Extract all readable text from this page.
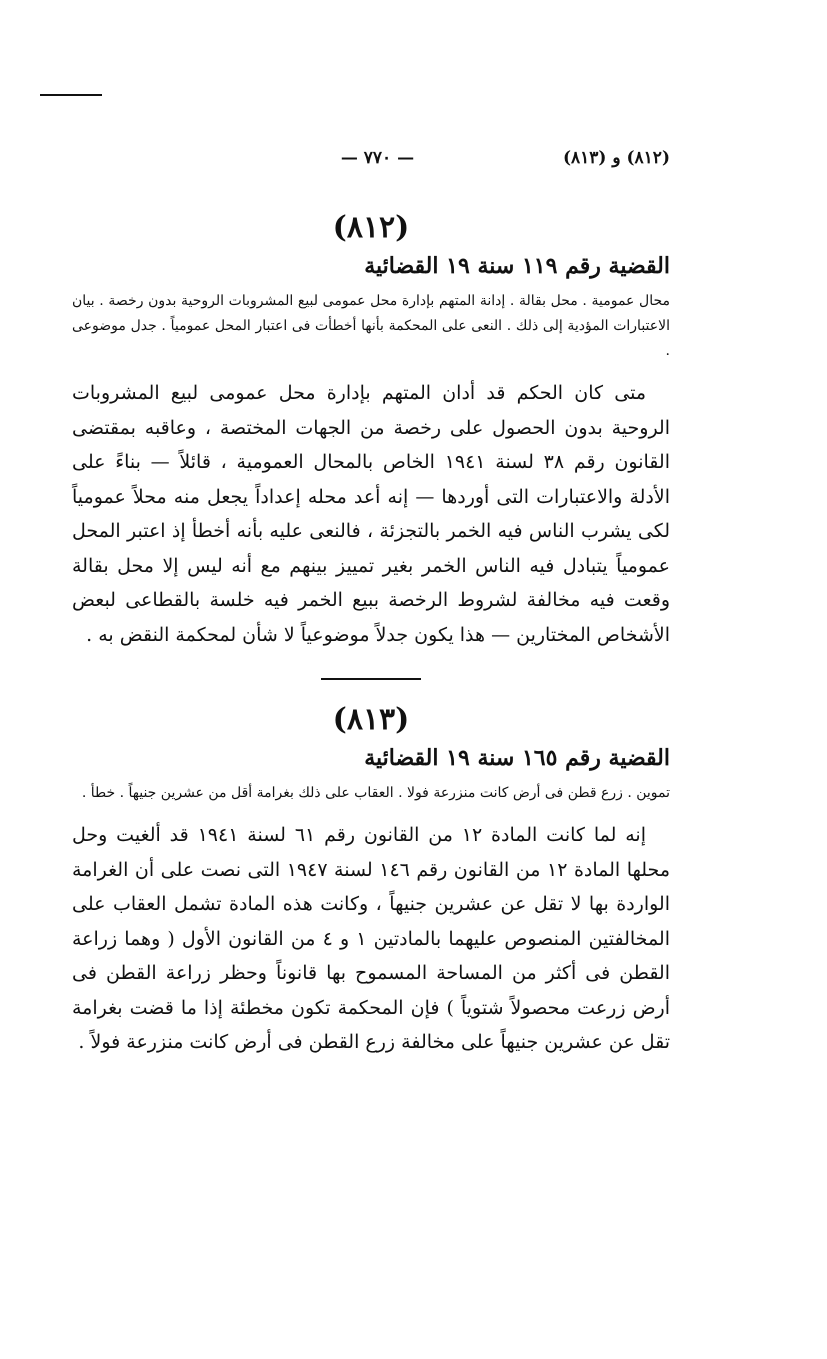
(٨١٢) و (٨١٣)
— ٧٧٠ —
(٨١٢)
القضية رقم ١١٩ سنة ١٩ القضائية

محال عمومية . محل بقالة . إدانة المتهم بإدارة محل عمومى لبيع المشروبات الروحية بدون رخصة . بيان الاعتبارات المؤدية إلى ذلك . النعى على المحكمة بأنها أخطأت فى اعتبار المحل عمومياً . جدل موضوعى .

متى كان الحكم قد أدان المتهم بإدارة محل عمومى لبيع المشروبات الروحية بدون الحصول على رخصة من الجهات المختصة ، وعاقبه بمقتضى القانون رقم ٣٨ لسنة ١٩٤١ الخاص بالمحال العمومية ، قائلاً — بناءً على الأدلة والاعتبارات التى أوردها — إنه أعد محله إعداداً يجعل منه محلاً عمومياً لكى يشرب الناس فيه الخمر بالتجزئة ، فالنعى عليه بأنه أخطأ إذ اعتبر المحل عمومياً يتبادل فيه الناس الخمر بغير تمييز بينهم مع أنه ليس إلا محل بقالة وقعت فيه مخالفة لشروط الرخصة ببيع الخمر فيه خلسة بالقطاعى لبعض الأشخاص المختارين — هذا يكون جدلاً موضوعياً لا شأن لمحكمة النقض به .

(٨١٣)
القضية رقم ١٦٥ سنة ١٩ القضائية

تموين . زرع قطن فى أرض كانت منزرعة فولا . العقاب على ذلك بغرامة أقل من عشرين جنيهاً . خطأ .

إنه لما كانت المادة ١٢ من القانون رقم ٦١ لسنة ١٩٤١ قد ألغيت وحل محلها المادة ١٢ من القانون رقم ١٤٦ لسنة ١٩٤٧ التى نصت على أن الغرامة الواردة بها لا تقل عن عشرين جنيهاً ، وكانت هذه المادة تشمل العقاب على المخالفتين المنصوص عليهما بالمادتين ١ و ٤ من القانون الأول ( وهما زراعة القطن فى أكثر من المساحة المسموح بها قانوناً وحظر زراعة القطن فى أرض زرعت محصولاً شتوياً ) فإن المحكمة تكون مخطئة إذا ما قضت بغرامة تقل عن عشرين جنيهاً على مخالفة زرع القطن فى أرض كانت منزرعة فولاً .
